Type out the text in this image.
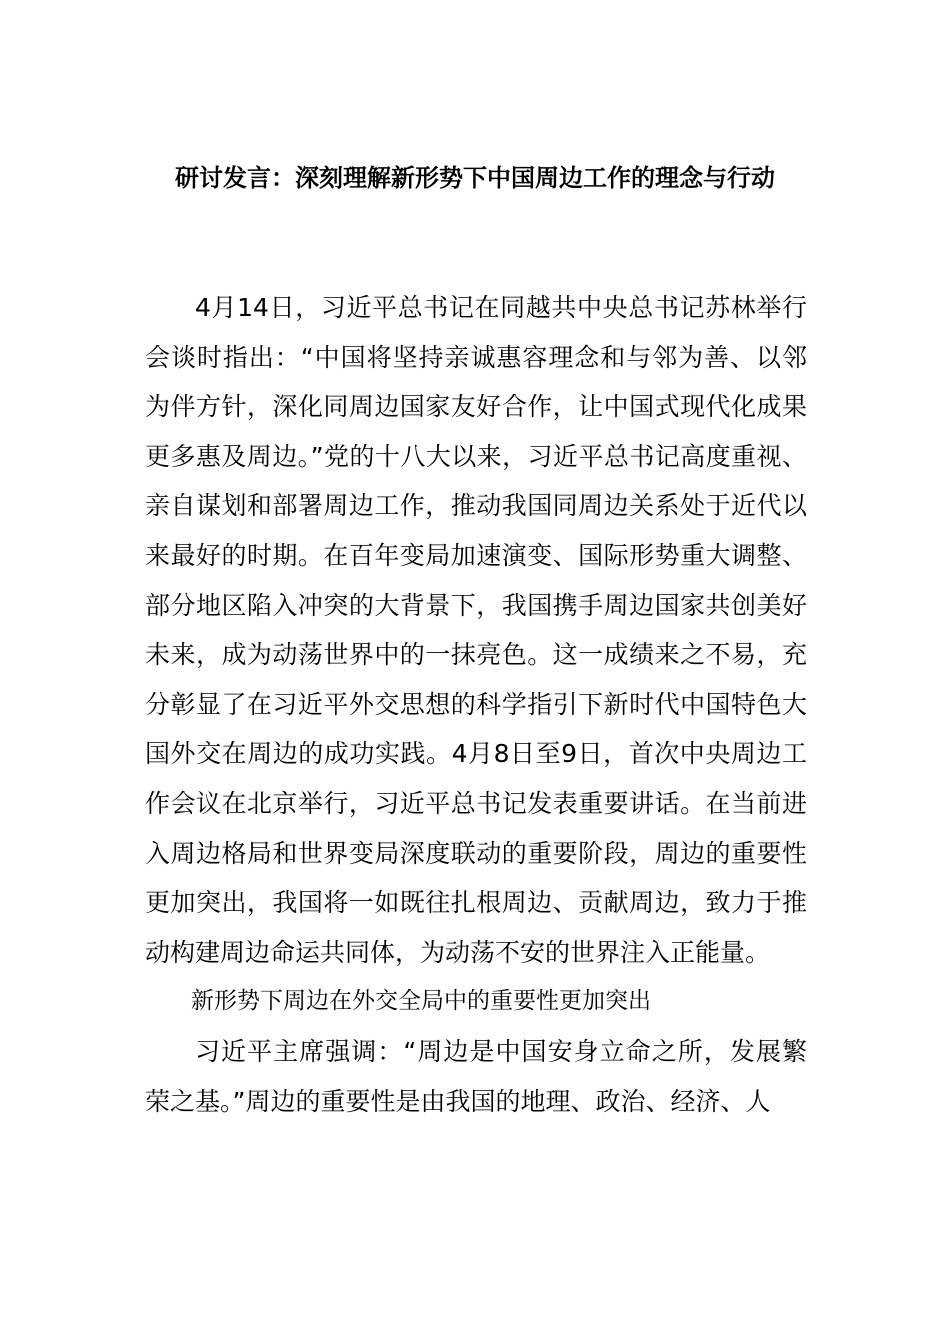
研讨发言：深刻理解新形势下中国周边工作的理念与行动

4月14日，习近平总书记在同越共中央总书记苏林举行会谈时指出：“中国将坚持亲诚惠容理念和与邻为善、以邻为伴方针，深化同周边国家友好合作，让中国式现代化成果更多惠及周边。”党的十八大以来，习近平总书记高度重视、亲自谋划和部署周边工作，推动我国同周边关系处于近代以来最好的时期。在百年变局加速演变、国际形势重大调整、部分地区陷入冲突的大背景下，我国携手周边国家共创美好未来，成为动荡世界中的一抹亮色。这一成绩来之不易，充分彰显了在习近平外交思想的科学指引下新时代中国特色大国外交在周边的成功实践。4月8日至9日，首次中央周边工作会议在北京举行，习近平总书记发表重要讲话。在当前进入周边格局和世界变局深度联动的重要阶段，周边的重要性更加突出，我国将一如既往扎根周边、贡献周边，致力于推动构建周边命运共同体，为动荡不安的世界注入正能量。

新形势下周边在外交全局中的重要性更加突出

习近平主席强调：“周边是中国安身立命之所，发展繁荣之基。”周边的重要性是由我国的地理、政治、经济、人
